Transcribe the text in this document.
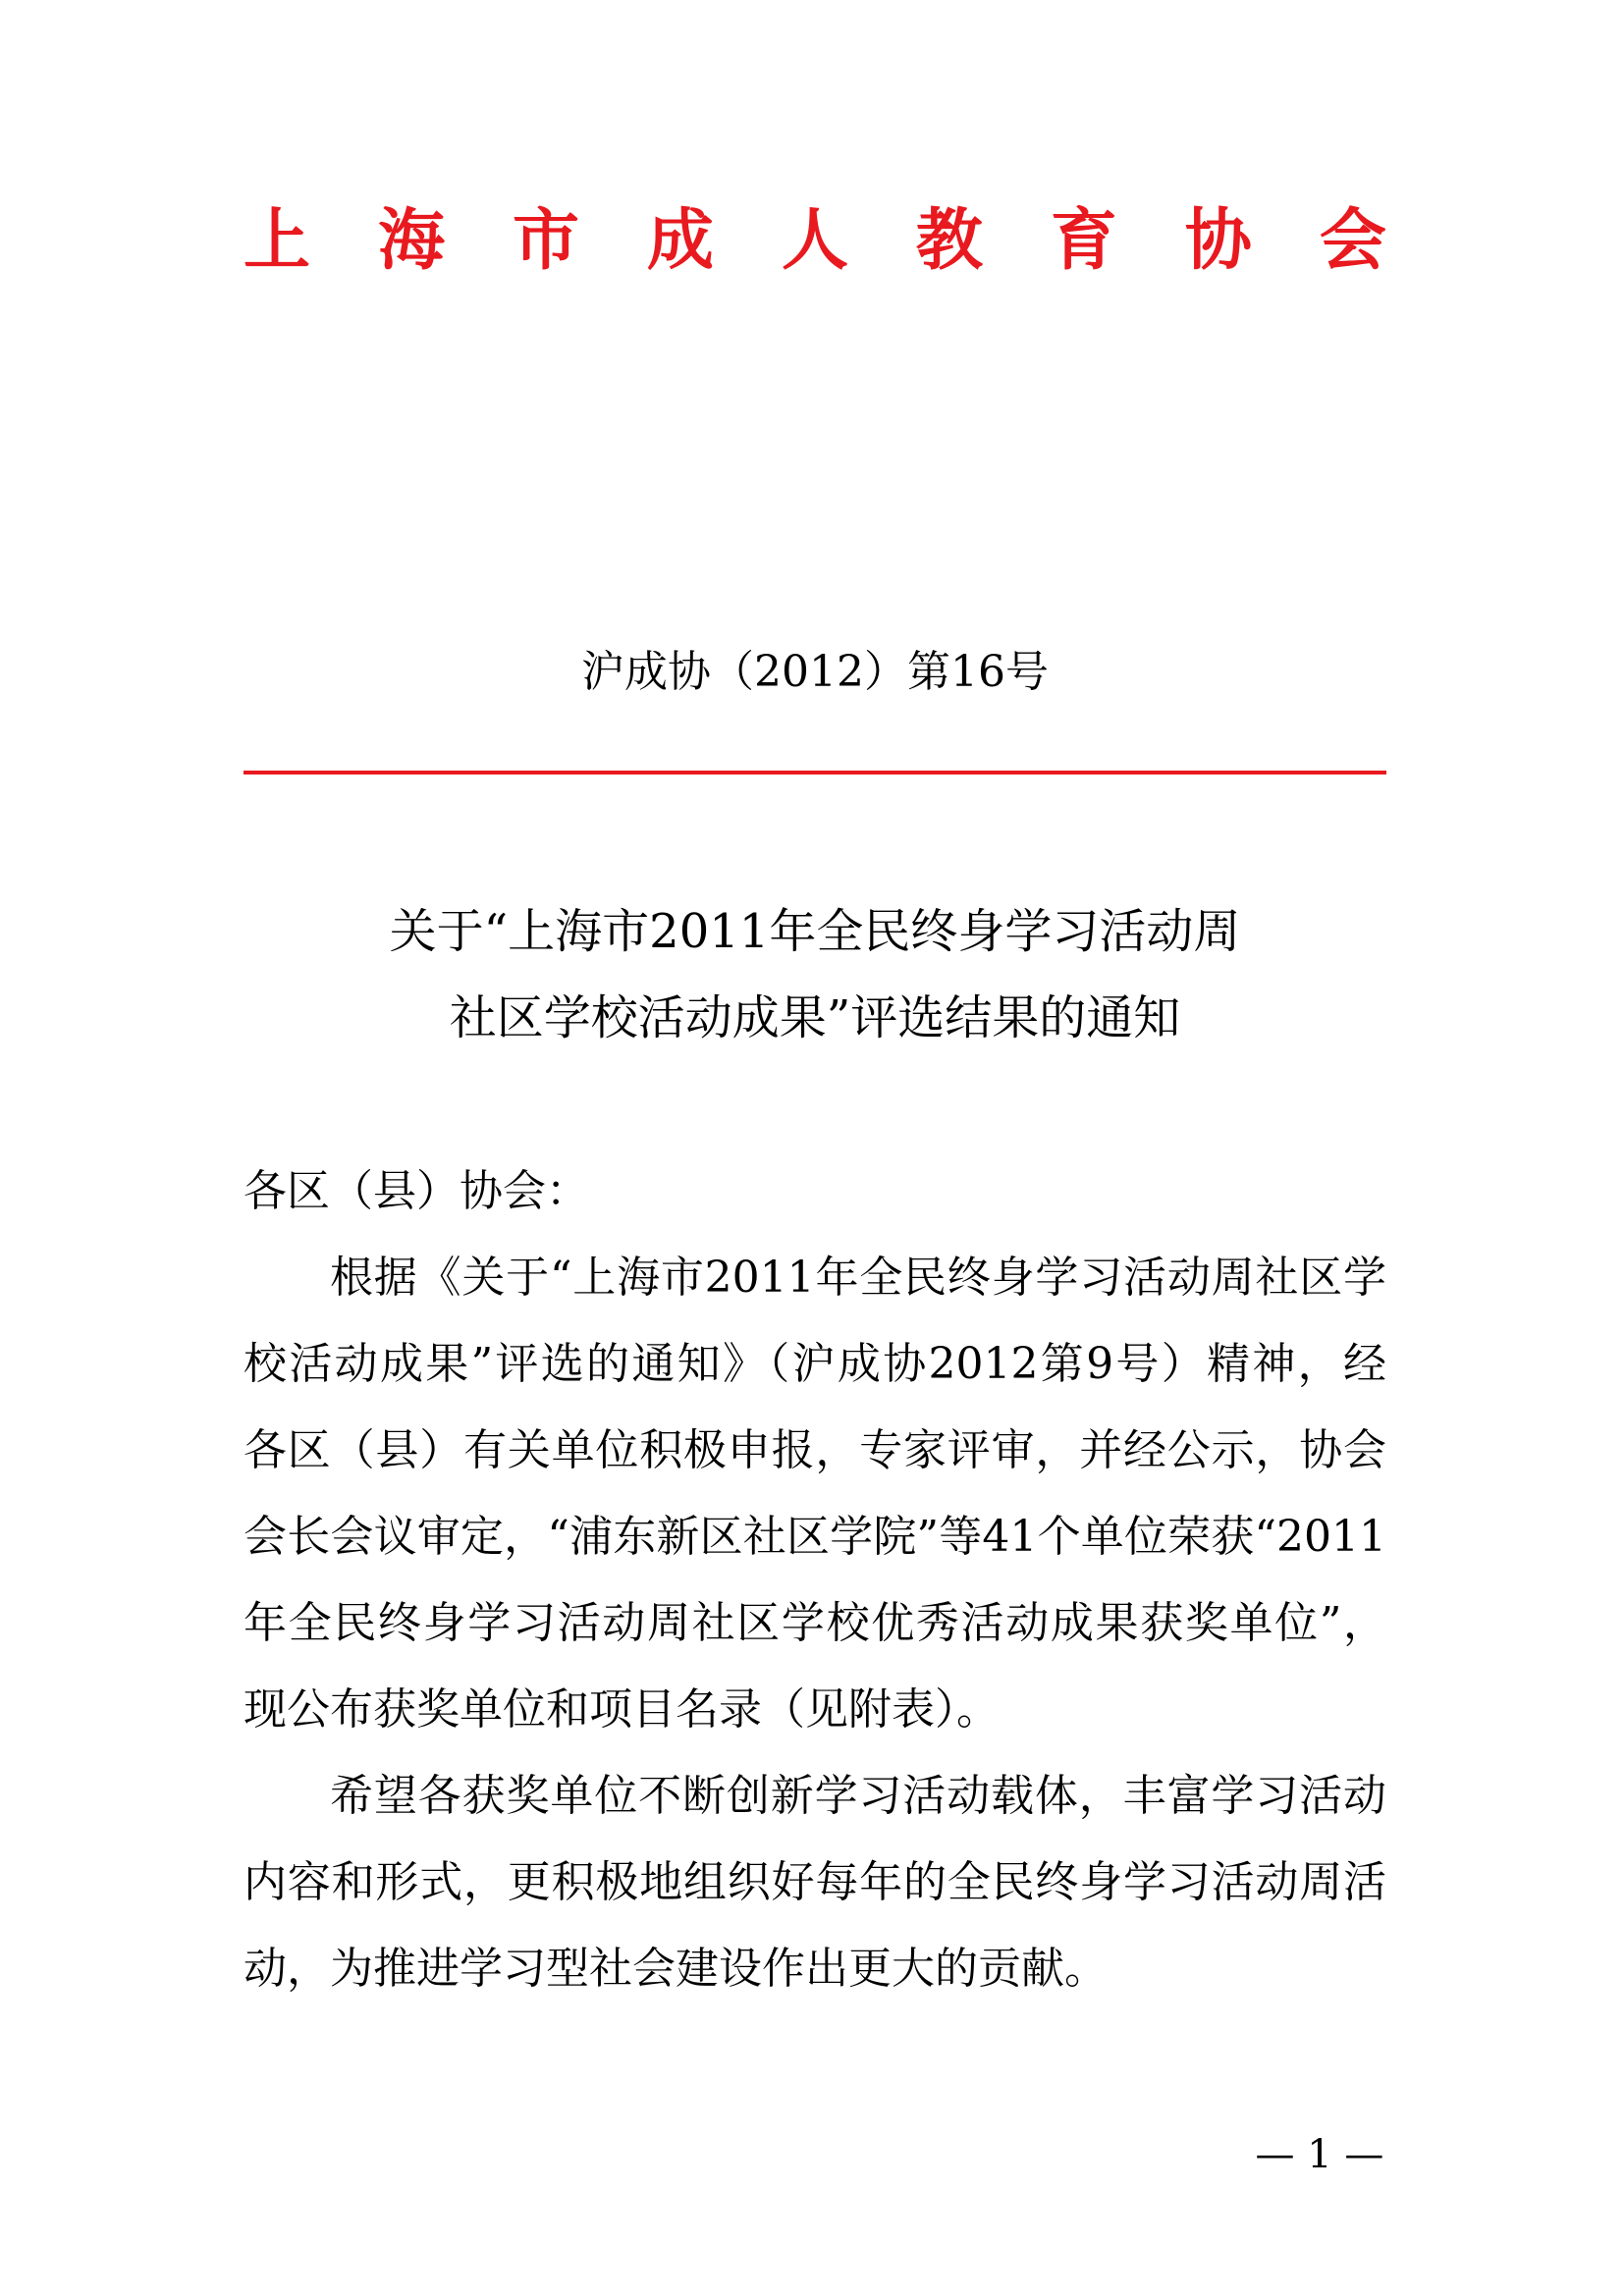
上 海 市 成 人 教 育 协 会
沪成协（2012）第16号
关于“上海市2011年全民终身学习活动周
社区学校活动成果”评选结果的通知
各区（县）协会：
根据《关于“上海市2011年全民终身学习活动周社区学
校活动成果”评选的通知》（沪成协2012第9号）精神，经
各区（县）有关单位积极申报，专家评审，并经公示，协会
会长会议审定，“浦东新区社区学院”等41个单位荣获“2011
年全民终身学习活动周社区学校优秀活动成果获奖单位”，
现公布获奖单位和项目名录（见附表）。
希望各获奖单位不断创新学习活动载体，丰富学习活动
内容和形式，更积极地组织好每年的全民终身学习活动周活
动，为推进学习型社会建设作出更大的贡献。
— 1 —
